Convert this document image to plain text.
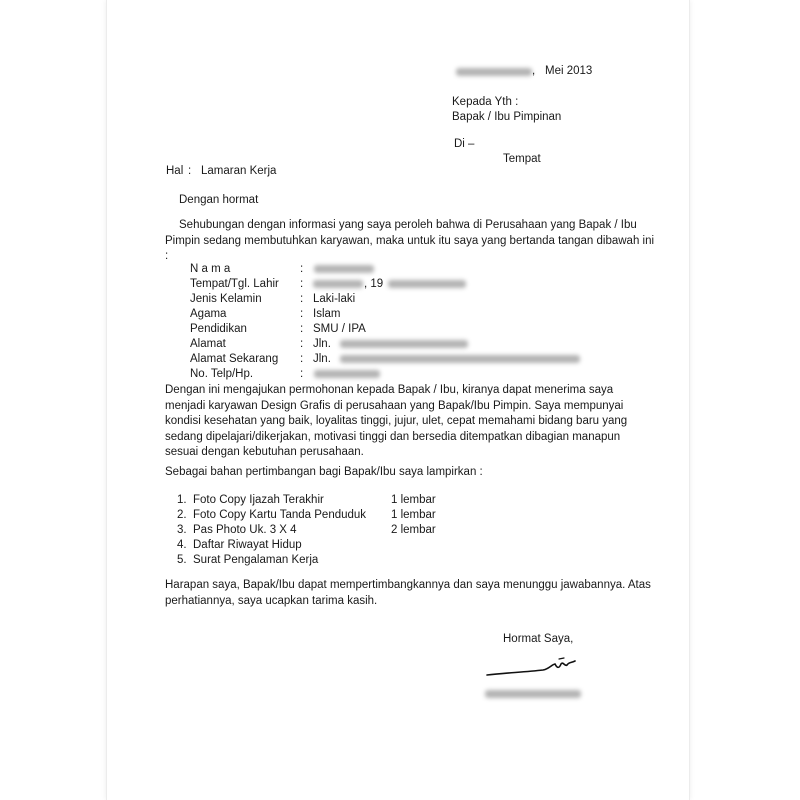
, Mei 2013
Kepada Yth :
Bapak / Ibu Pimpinan
Di –
Tempat
Hal : Lamaran Kerja
Dengan hormat
Sehubungan dengan informasi yang saya peroleh bahwa di Perusahaan yang Bapak / Ibu Pimpin sedang membutuhkan karyawan, maka untuk itu saya yang bertanda tangan dibawah ini :
N a m a	:
Tempat/Tgl. Lahir :	, 19
Jenis Kelamin	: Laki-laki
Agama	: Islam
Pendidikan	: SMU / IPA
Alamat	: Jln.
Alamat Sekarang : Jln.
No. Telp/Hp.	:
Dengan ini mengajukan permohonan kepada Bapak / Ibu, kiranya dapat menerima saya menjadi karyawan Design Grafis di perusahaan yang Bapak/Ibu Pimpin. Saya mempunyai kondisi kesehatan yang baik, loyalitas tinggi, jujur, ulet, cepat memahami bidang baru yang sedang dipelajari/dikerjakan, motivasi tinggi dan bersedia ditempatkan dibagian manapun sesuai dengan kebutuhan perusahaan.
Sebagai bahan pertimbangan bagi Bapak/Ibu saya lampirkan :
1. Foto Copy Ijazah Terakhir	1 lembar
2. Foto Copy Kartu Tanda Penduduk 1 lembar
3. Pas Photo Uk. 3 X 4	2 lembar
4. Daftar Riwayat Hidup
5. Surat Pengalaman Kerja
Harapan saya, Bapak/Ibu dapat mempertimbangkannya dan saya menunggu jawabannya. Atas perhatiannya, saya ucapkan tarima kasih.
Hormat Saya,
